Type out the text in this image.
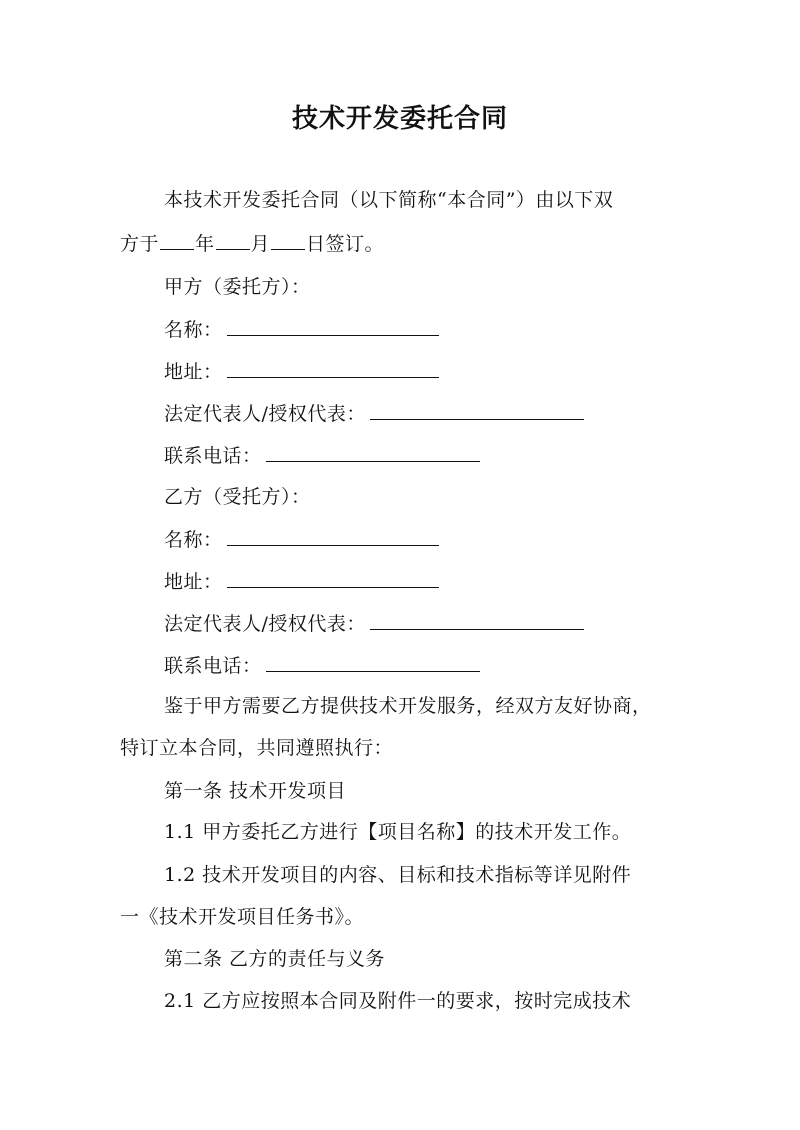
技术开发委托合同
本技术开发委托合同（以下简称“本合同”）由以下双
方于 年 月 日签订。
甲方（委托方）：
名称：
地址：
法定代表人/授权代表：
联系电话：
乙方（受托方）：
名称：
地址：
法定代表人/授权代表：
联系电话：
鉴于甲方需要乙方提供技术开发服务，经双方友好协商，
特订立本合同，共同遵照执行：
第一条 技术开发项目
1.1 甲方委托乙方进行【项目名称】的技术开发工作。
1.2 技术开发项目的内容、目标和技术指标等详见附件
一《技术开发项目任务书》。
第二条 乙方的责任与义务
2.1 乙方应按照本合同及附件一的要求，按时完成技术
